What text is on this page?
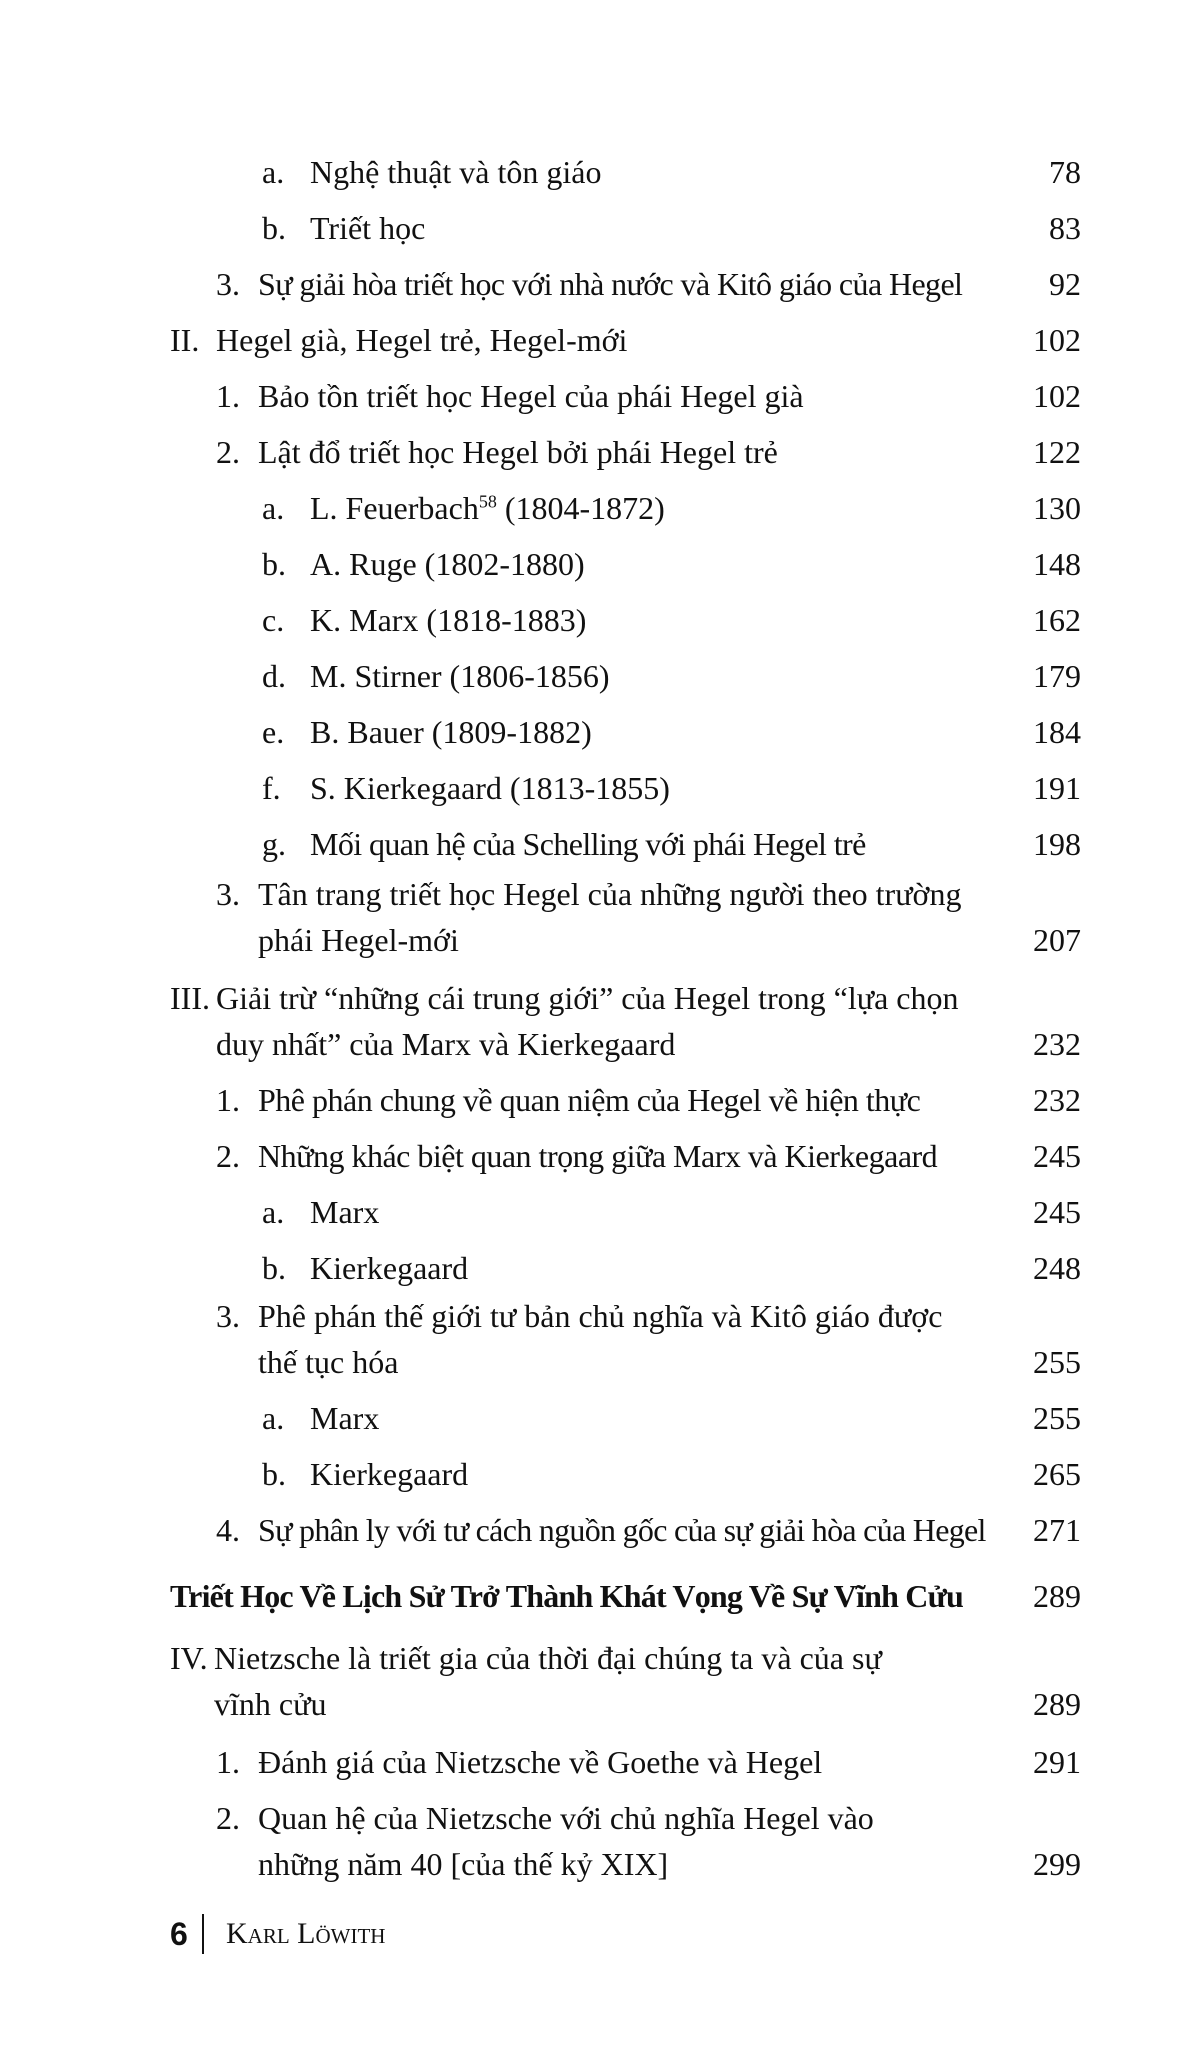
a. Nghệ thuật và tôn giáo	78
b. Triết học	83
3. Sự giải hòa triết học với nhà nước và Kitô giáo của Hegel	92
II. Hegel già, Hegel trẻ, Hegel-mới	102
1. Bảo tồn triết học Hegel của phái Hegel già	102
2. Lật đổ triết học Hegel bởi phái Hegel trẻ	122
a. L. Feuerbach$^{58}$ (1804-1872)	130
b. A. Ruge (1802-1880)	148
c. K. Marx (1818-1883)	162
d. M. Stirner (1806-1856)	179
e. B. Bauer (1809-1882)	184
f. S. Kierkegaard (1813-1855)	191
g. Mối quan hệ của Schelling với phái Hegel trẻ	198
3. Tân trang triết học Hegel của những người theo trường
phái Hegel-mới	207
III. Giải trừ “những cái trung giới” của Hegel trong “lựa chọn
duy nhất” của Marx và Kierkegaard	232
1. Phê phán chung về quan niệm của Hegel về hiện thực	232
2. Những khác biệt quan trọng giữa Marx và Kierkegaard	245
a. Marx	245
b. Kierkegaard	248
3. Phê phán thế giới tư bản chủ nghĩa và Kitô giáo được
thế tục hóa	255
a. Marx	255
b. Kierkegaard	265
4. Sự phân ly với tư cách nguồn gốc của sự giải hòa của Hegel 271
Triết Học Về Lịch Sử Trở Thành Khát Vọng Về Sự Vĩnh Cửu 289
IV. Nietzsche là triết gia của thời đại chúng ta và của sự
vĩnh cửu	289
1. Đánh giá của Nietzsche về Goethe và Hegel	291
2. Quan hệ của Nietzsche với chủ nghĩa Hegel vào
những năm 40 [của thế kỷ XIX]	299
6 Karl Löwith
